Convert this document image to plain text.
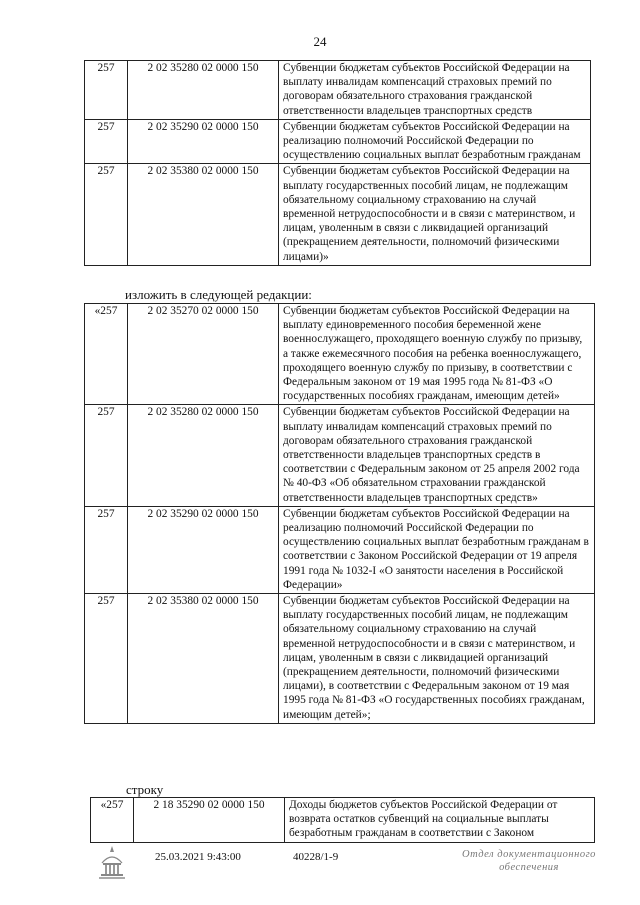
24
257	2 02 35280 02 0000 150	Субвенции бюджетам субъектов Российской Федерации на выплату инвалидам компенсаций страховых премий по договорам обязательного страхования гражданской ответственности владельцев транспортных средств
257	2 02 35290 02 0000 150	Субвенции бюджетам субъектов Российской Федерации на реализацию полномочий Российской Федерации по осуществлению социальных выплат безработным гражданам
257	2 02 35380 02 0000 150	Субвенции бюджетам субъектов Российской Федерации на выплату государственных пособий лицам, не подлежащим обязательному социальному страхованию на случай временной нетрудоспособности и в связи с материнством, и лицам, уволенным в связи с ликвидацией организаций (прекращением деятельности, полномочий физическими лицами)»
изложить в следующей редакции:
«257	2 02 35270 02 0000 150	Субвенции бюджетам субъектов Российской Федерации на выплату единовременного пособия беременной жене военнослужащего, проходящего военную службу по призыву, а также ежемесячного пособия на ребенка военнослужащего, проходящего военную службу по призыву, в соответствии с Федеральным законом от 19 мая 1995 года № 81-ФЗ «О государственных пособиях гражданам, имеющим детей»
257	2 02 35280 02 0000 150	Субвенции бюджетам субъектов Российской Федерации на выплату инвалидам компенсаций страховых премий по договорам обязательного страхования гражданской ответственности владельцев транспортных средств в соответствии с Федеральным законом от 25 апреля 2002 года № 40-ФЗ «Об обязательном страховании гражданской ответственности владельцев транспортных средств»
257	2 02 35290 02 0000 150	Субвенции бюджетам субъектов Российской Федерации на реализацию полномочий Российской Федерации по осуществлению социальных выплат безработным гражданам в соответствии с Законом Российской Федерации от 19 апреля 1991 года № 1032-I «О занятости населения в Российской Федерации»
257	2 02 35380 02 0000 150	Субвенции бюджетам субъектов Российской Федерации на выплату государственных пособий лицам, не подлежащим обязательному социальному страхованию на случай временной нетрудоспособности и в связи с материнством, и лицам, уволенным в связи с ликвидацией организаций (прекращением деятельности, полномочий физическими лицами), в соответствии с Федеральным законом от 19 мая 1995 года № 81-ФЗ «О государственных пособиях гражданам, имеющим детей»;
строку
«257	2 18 35290 02 0000 150	Доходы бюджетов субъектов Российской Федерации от возврата остатков субвенций на социальные выплаты безработным гражданам в соответствии с Законом
25.03.2021 9:43:00	40228/1-9	Отдел документационного
обеспечения
